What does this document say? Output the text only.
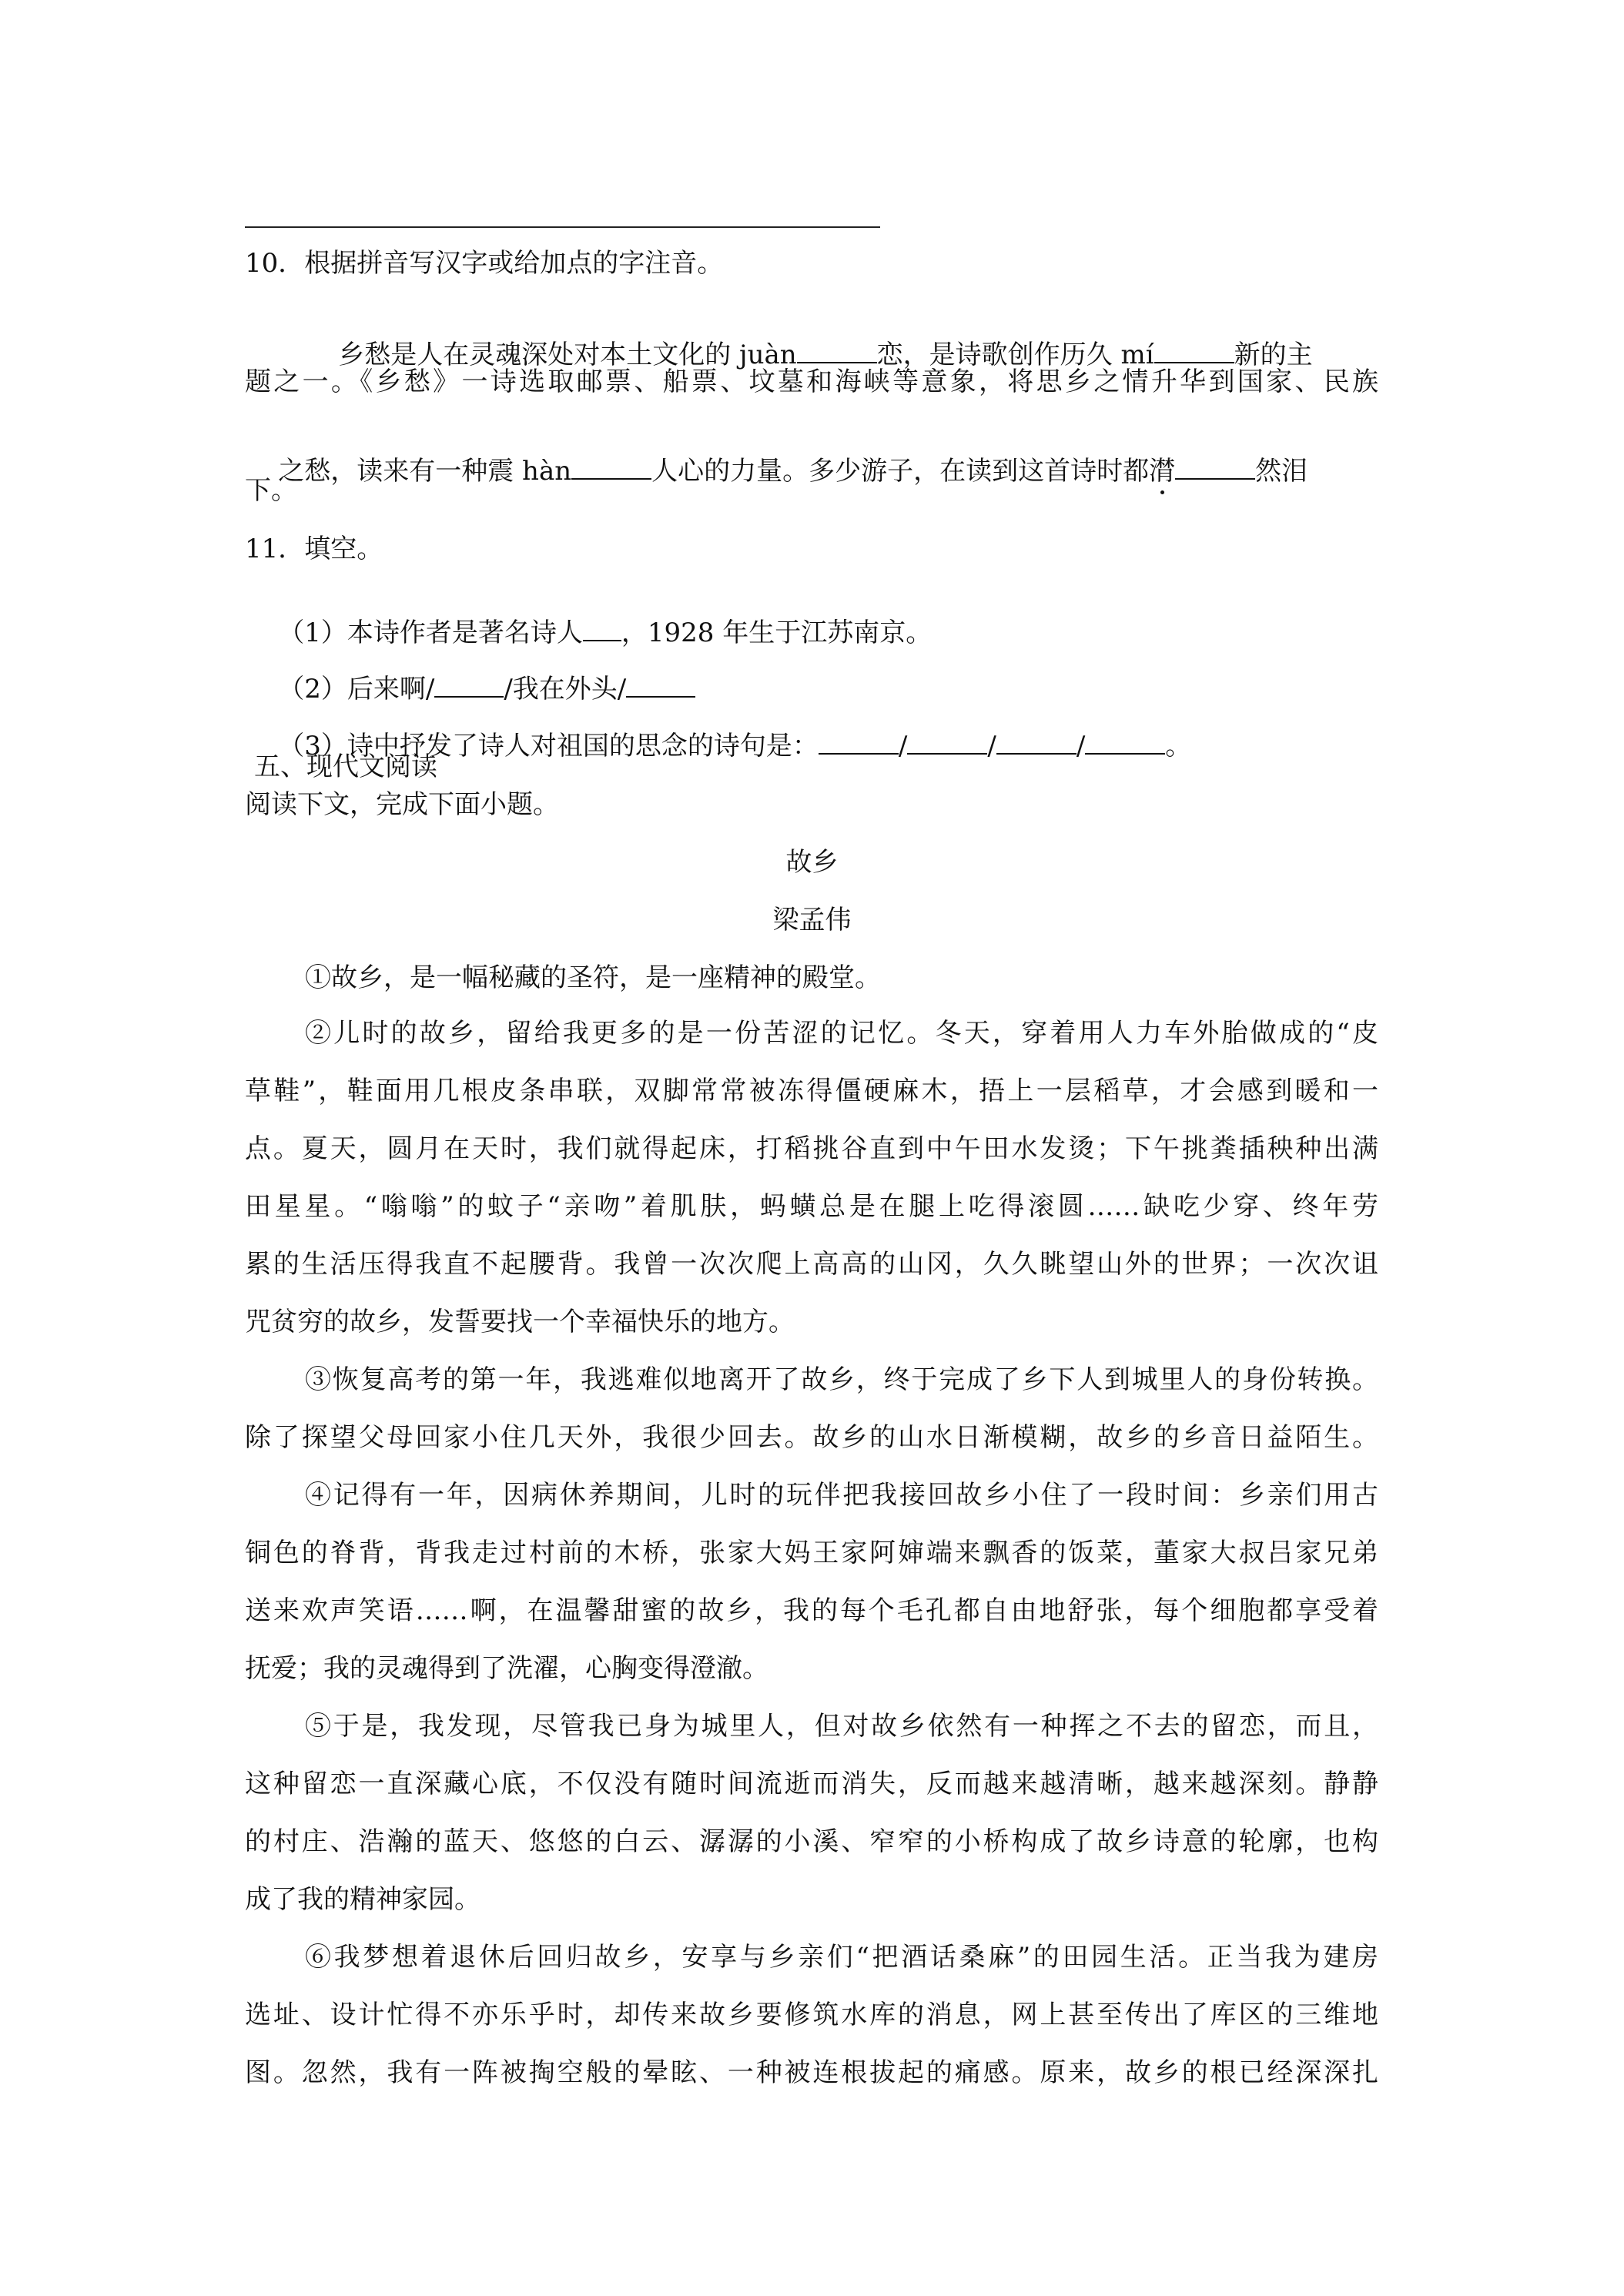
10．根据拼音写汉字或给加点的字注音。

乡愁是人在灵魂深处对本土文化的 juàn	恋，是诗歌创作历久 mí	新的主

题之一。《乡愁》一诗选取邮票、船票、坟墓和海峡等意象，将思乡之情升华到国家、民族

之愁，读来有一种震 hàn	人心的力量。多少游子，在读到这首诗时都潸	然泪

下。
11．填空。

（1）本诗作者是著名诗人 ，1928 年生于江苏南京。

（2）后来啊/	/我在外头/

（3）诗中抒发了诗人对祖国的思念的诗句是：	/	/	/	。

五、现代文阅读
阅读下文，完成下面小题。
故乡
梁孟伟
①故乡，是一幅秘藏的圣符，是一座精神的殿堂。
②儿时的故乡，留给我更多的是一份苦涩的记忆。冬天，穿着用人力车外胎做成的“皮
草鞋”，鞋面用几根皮条串联，双脚常常被冻得僵硬麻木，捂上一层稻草，才会感到暖和一
点。夏天，圆月在天时，我们就得起床，打稻挑谷直到中午田水发烫；下午挑粪插秧种出满
田星星。“嗡嗡”的蚊子“亲吻”着肌肤，蚂蟥总是在腿上吃得滚圆……缺吃少穿、终年劳
累的生活压得我直不起腰背。我曾一次次爬上高高的山冈，久久眺望山外的世界；一次次诅
咒贫穷的故乡，发誓要找一个幸福快乐的地方。
③恢复高考的第一年，我逃难似地离开了故乡，终于完成了乡下人到城里人的身份转换。
除了探望父母回家小住几天外，我很少回去。故乡的山水日渐模糊，故乡的乡音日益陌生。
④记得有一年，因病休养期间，儿时的玩伴把我接回故乡小住了一段时间：乡亲们用古
铜色的脊背，背我走过村前的木桥，张家大妈王家阿婶端来飘香的饭菜，董家大叔吕家兄弟
送来欢声笑语……啊，在温馨甜蜜的故乡，我的每个毛孔都自由地舒张，每个细胞都享受着
抚爱；我的灵魂得到了洗濯，心胸变得澄澈。
⑤于是，我发现，尽管我已身为城里人，但对故乡依然有一种挥之不去的留恋，而且，
这种留恋一直深藏心底，不仅没有随时间流逝而消失，反而越来越清晰，越来越深刻。静静
的村庄、浩瀚的蓝天、悠悠的白云、潺潺的小溪、窄窄的小桥构成了故乡诗意的轮廓，也构
成了我的精神家园。
⑥我梦想着退休后回归故乡，安享与乡亲们“把酒话桑麻”的田园生活。正当我为建房
选址、设计忙得不亦乐乎时，却传来故乡要修筑水库的消息，网上甚至传出了库区的三维地
图。忽然，我有一阵被掏空般的晕眩、一种被连根拔起的痛感。原来，故乡的根已经深深扎
